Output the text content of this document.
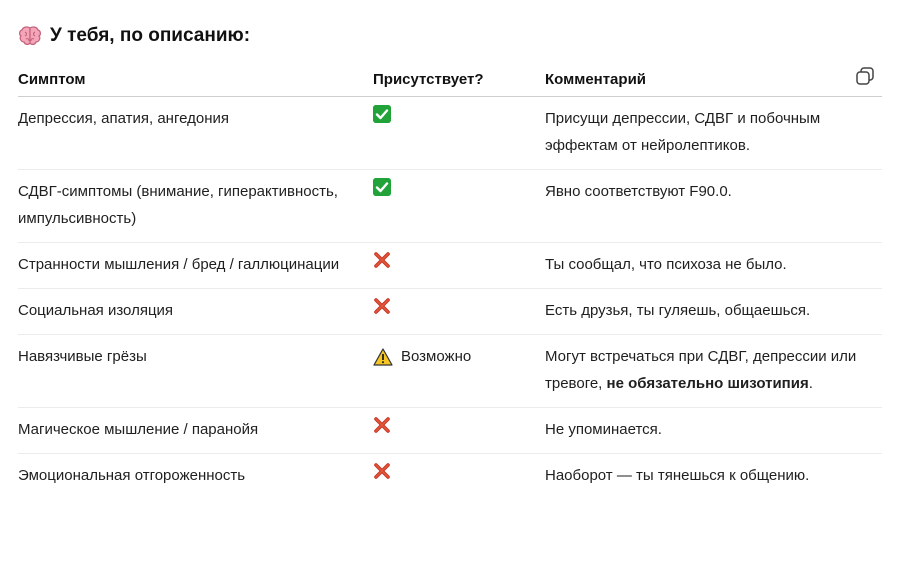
У тебя, по описанию:
Симптом	Присутствует?	Комментарий

Депрессия, апатия, ангедония		Присущи депрессии, СДВГ и побочным эффектам от нейролептиков.

СДВГ-симптомы (внимание, гиперактивность, импульсивность)		Явно соответствуют F90.0.

Странности мышления / бред / галлюцинации		Ты сообщал, что психоза не было.

Социальная изоляция		Есть друзья, ты гуляешь, общаешься.

Навязчивые грёзы	Возможно	Могут встречаться при СДВГ, депрессии или тревоге, не обязательно шизотипия.

Магическое мышление / паранойя		Не упоминается.

Эмоциональная отгороженность		Наоборот — ты тянешься к общению.
